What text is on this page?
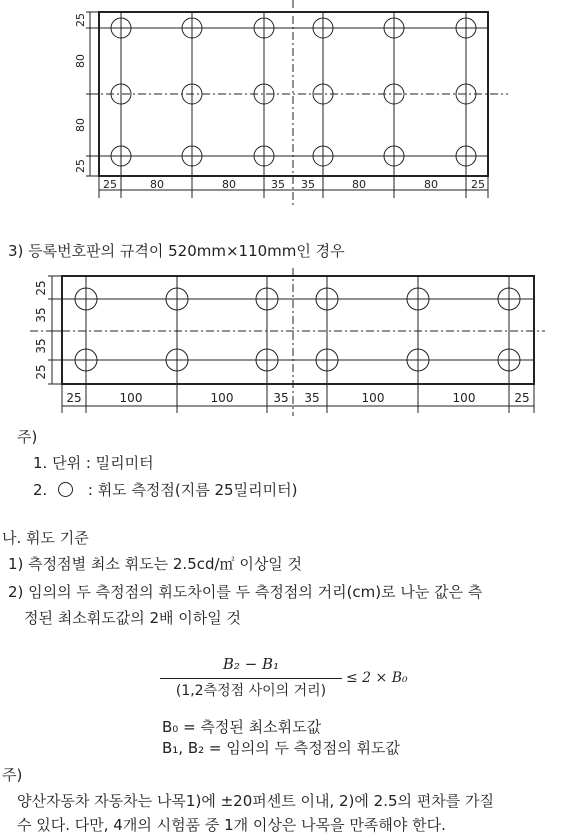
25
80
80
25
25	80	80	35 35	80	80	25
3) 등록번호판의 규격이 520mm×110mm인 경우
25
35
35
25
25	100	100	35 35	100	100	25
주)
1. 단위 : 밀리미터
2.	: 휘도 측정점(지름 25밀리미터)
나. 휘도 기준
1) 측정점별 최소 휘도는 2.5cd/㎡ 이상일 것
2) 임의의 두 측정점의 휘도차이를 두 측정점의 거리(cm)로 나눈 값은 측
정된 최소휘도값의 2배 이하일 것
B₂ − B₁
(1,2측정점 사이의 거리)
≤ 2 × B₀
B₀ = 측정된 최소휘도값
B₁, B₂ = 임의의 두 측정점의 휘도값
주)
양산자동차 자동차는 나목1)에 ±20퍼센트 이내, 2)에 2.5의 편차를 가질
수 있다. 다만, 4개의 시험품 중 1개 이상은 나목을 만족해야 한다.
